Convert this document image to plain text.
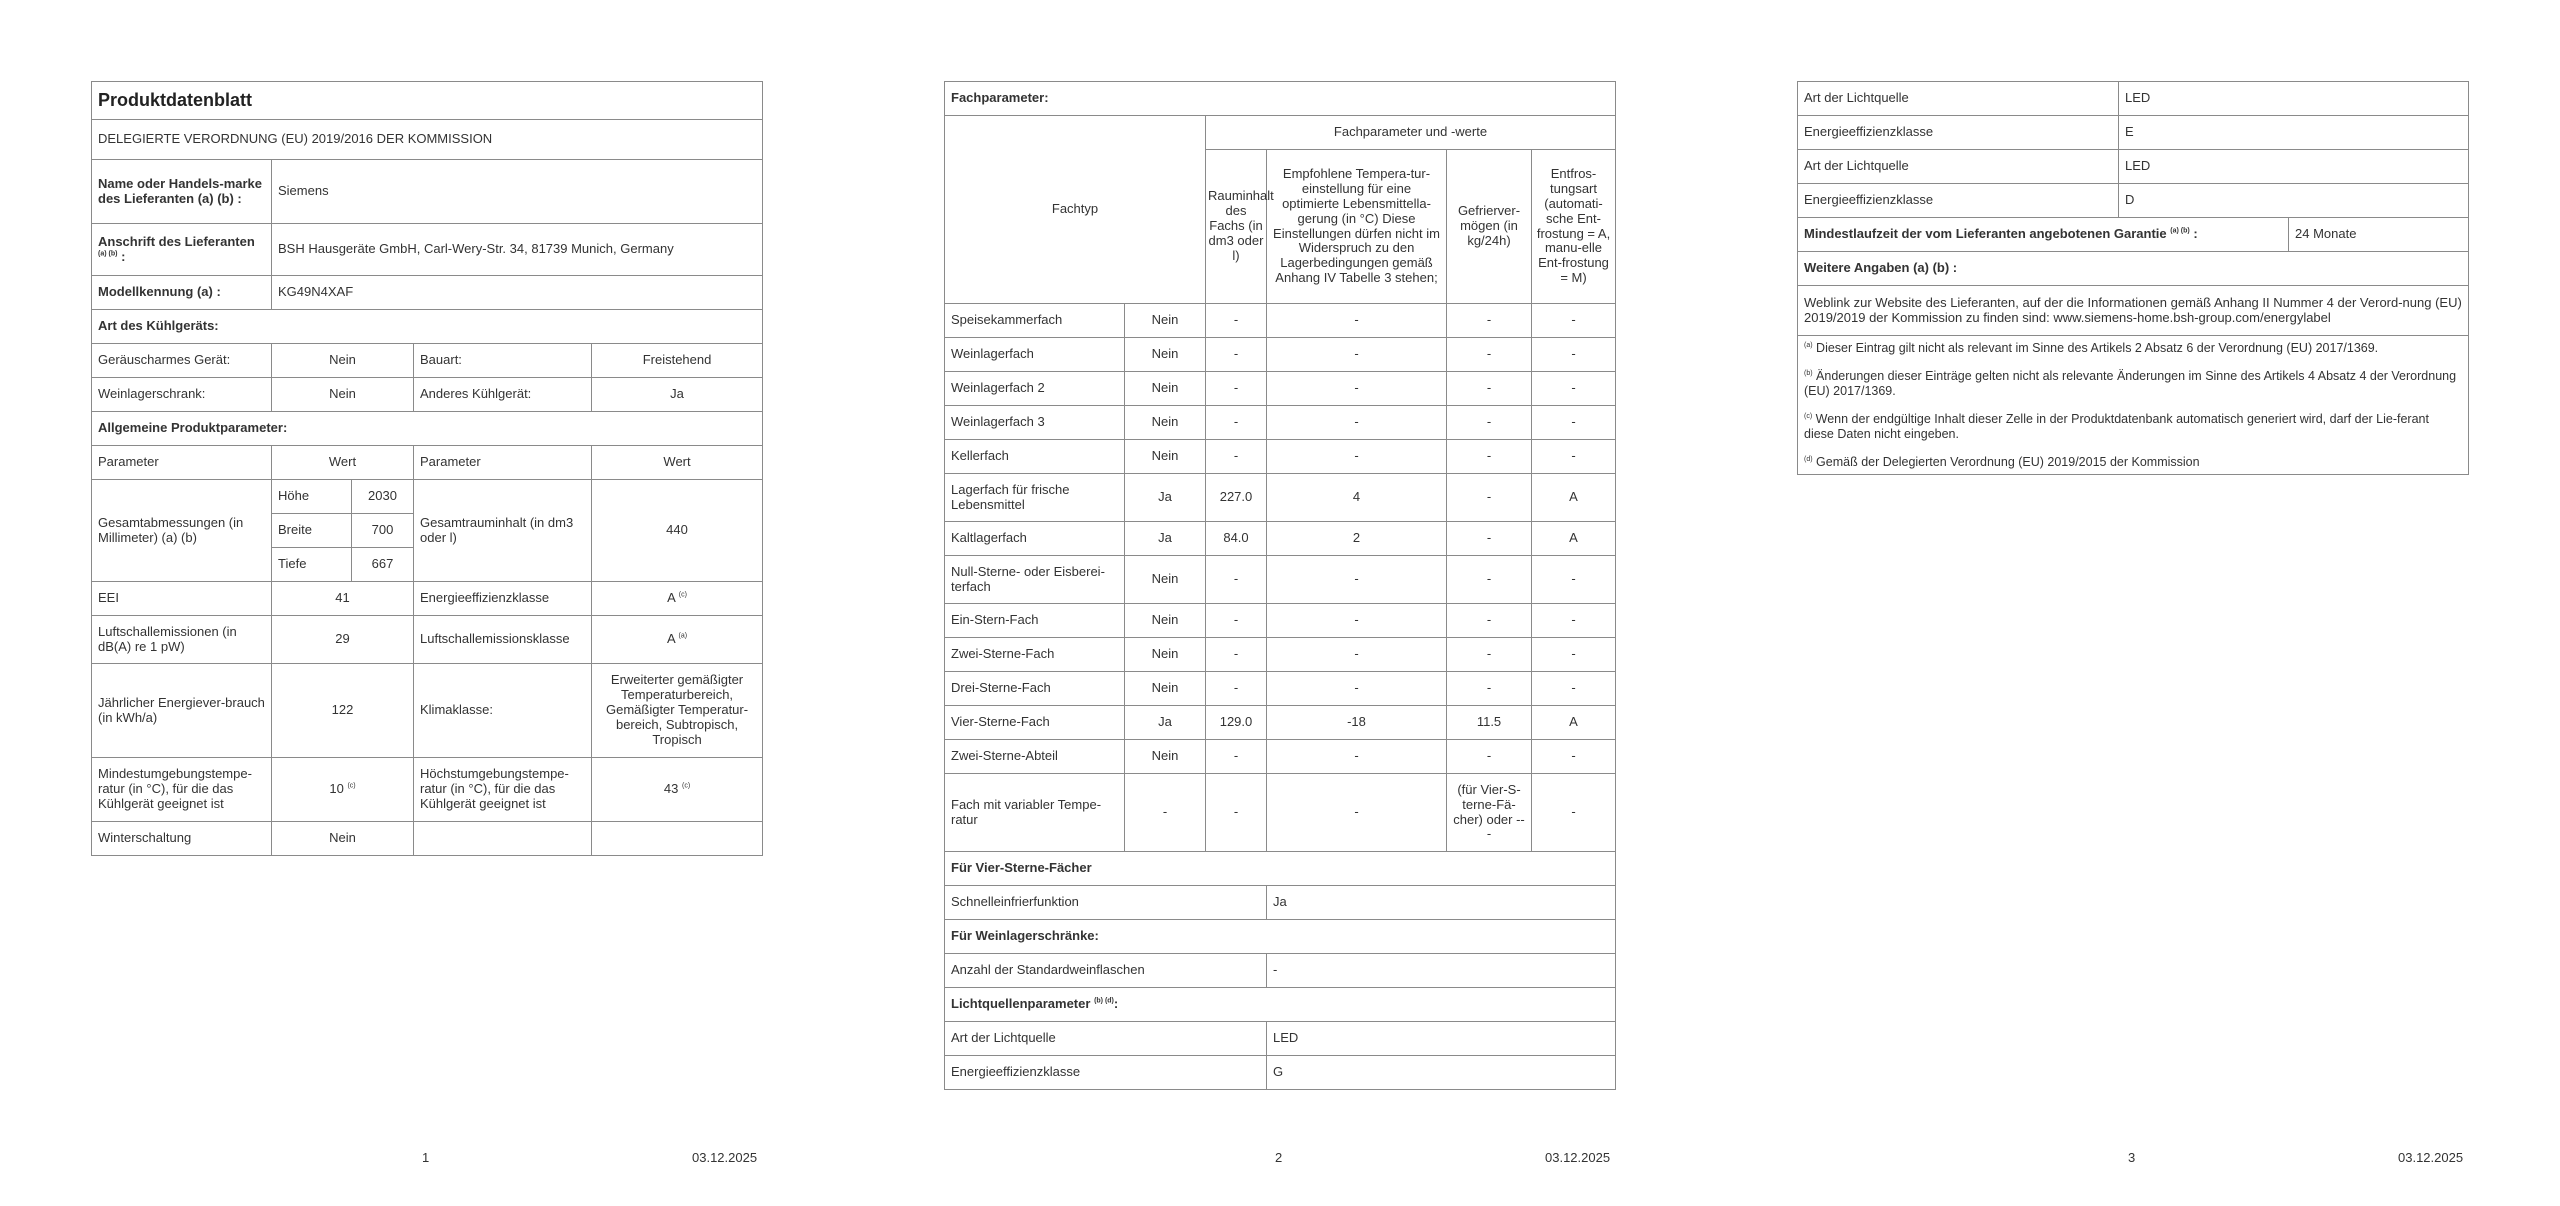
Produktdatenblatt				
DELEGIERTE VERORDNUNG (EU) 2019/2016 DER KOMMISSION				
Name oder Handels-marke des Lieferanten (a) (b) :	Siemens			
Anschrift des Lieferanten
$^{(a) (b)}$ :	BSH Hausgeräte GmbH, Carl-Wery-Str. 34, 81739 Munich, Germany			
Modellkennung (a) :	KG49N4XAF			
Art des Kühlgeräts:				
Geräuscharmes Gerät:	Nein		Bauart:	Freistehend
Weinlagerschrank:	Nein		Anderes Kühlgerät:	Ja
Allgemeine Produktparameter:				
Parameter	Wert		Parameter	Wert
Gesamtabmessungen (in Millimeter) (a) (b)	Höhe	2030	Gesamtrauminhalt (in dm3 oder l)	440
	Breite	700		
	Tiefe	667		
EEI	41		Energieeffizienzklasse	A $^{(c)}$
Luftschallemissionen (in dB(A) re 1 pW)	29		Luftschallemissionsklasse	A $^{(a)}$
Jährlicher Energiever-brauch (in kWh/a)	122		Klimaklasse:	Erweiterter gemäßigter Temperaturbereich, Gemäßigter Temperatur-bereich, Subtropisch, Tropisch
Mindestumgebungstempe-ratur (in °C), für die das Kühlgerät geeignet ist	10 $^{(c)}$		Höchstumgebungstempe-ratur (in °C), für die das Kühlgerät geeignet ist	43 $^{(c)}$
Winterschaltung	Nein			
1	03.12.2025
Fachparameter:					
Fachtyp		Fachparameter und -werte			
		Rauminhalt des Fachs (in dm3 oder l)	Empfohlene Tempera-tur-einstellung für eine optimierte Lebensmittella-gerung (in °C) Diese Einstellungen dürfen nicht im Widerspruch zu den Lagerbedingungen gemäß Anhang IV Tabelle 3 stehen;	Gefrierver-mögen (in kg/24h)	Entfros-tungsart (automati-sche Ent-frostung = A, manu-elle Ent-frostung = M)
Speisekammerfach	Nein	-	-	-	-
Weinlagerfach	Nein	-	-	-	-
Weinlagerfach 2	Nein	-	-	-	-
Weinlagerfach 3	Nein	-	-	-	-
Kellerfach	Nein	-	-	-	-
Lagerfach für frische Lebensmittel	Ja	227.0	4	-	A
Kaltlagerfach	Ja	84.0	2	-	A
Null-Sterne- oder Eisberei-terfach	Nein	-	-	-	-
Ein-Stern-Fach	Nein	-	-	-	-
Zwei-Sterne-Fach	Nein	-	-	-	-
Drei-Sterne-Fach	Nein	-	-	-	-
Vier-Sterne-Fach	Ja	129.0	-18	11.5	A
Zwei-Sterne-Abteil	Nein	-	-	-	-
Fach mit variabler Tempe-ratur	-	-	-	(für Vier-S-terne-Fä-cher) oder ---	-
Für Vier-Sterne-Fächer					
Schnelleinfrierfunktion			Ja		
Für Weinlagerschränke:					
Anzahl der Standardweinflaschen			-		
Lichtquellenparameter $^{(b) (d)}$:					
Art der Lichtquelle			LED		
Energieeffizienzklasse			G		
2	03.12.2025
Art der Lichtquelle	LED	
Energieeffizienzklasse	E	
Art der Lichtquelle	LED	
Energieeffizienzklasse	D	
Mindestlaufzeit der vom Lieferanten angebotenen Garantie $^{(a) (b)}$ :		24 Monate
Weitere Angaben (a) (b) :		
Weblink zur Website des Lieferanten, auf der die Informationen gemäß Anhang II Nummer 4 der Verord-nung (EU) 2019/2019 der Kommission zu finden sind: www.siemens-home.bsh-group.com/energylabel		

$^{(a)}$ Dieser Eintrag gilt nicht als relevant im Sinne des Artikels 2 Absatz 6 der Verordnung (EU) 2017/1369.

$^{(b)}$ Änderungen dieser Einträge gelten nicht als relevante Änderungen im Sinne des Artikels 4 Absatz 4 der Verordnung (EU) 2017/1369.

$^{(c)}$ Wenn der endgültige Inhalt dieser Zelle in der Produktdatenbank automatisch generiert wird, darf der Lie-ferant diese Daten nicht eingeben.

$^{(d)}$ Gemäß der Delegierten Verordnung (EU) 2019/2015 der Kommission		

3	03.12.2025
